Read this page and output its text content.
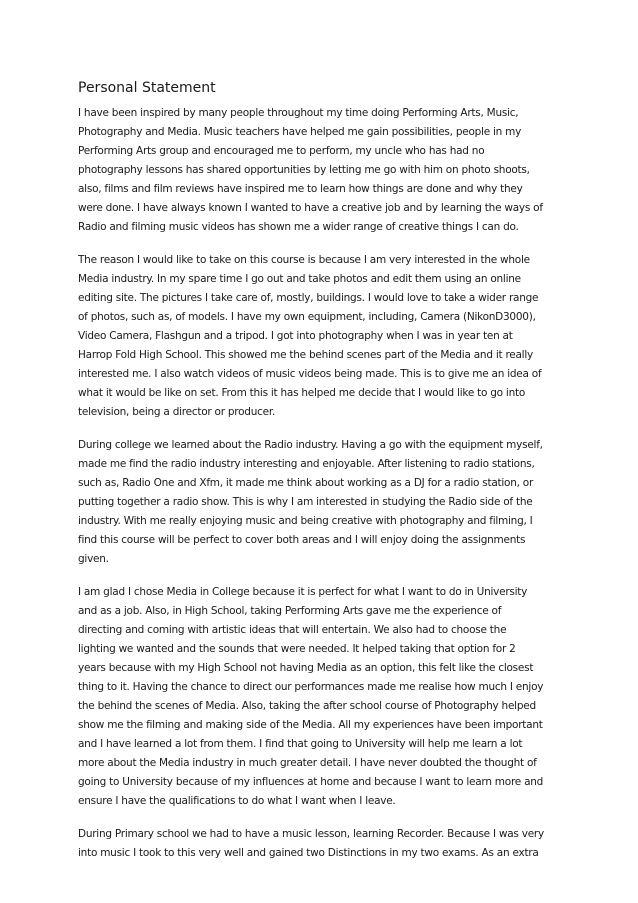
Personal Statement
I have been inspired by many people throughout my time doing Performing Arts, Music,
Photography and Media. Music teachers have helped me gain possibilities, people in my
Performing Arts group and encouraged me to perform, my uncle who has had no
photography lessons has shared opportunities by letting me go with him on photo shoots,
also, films and film reviews have inspired me to learn how things are done and why they
were done. I have always known I wanted to have a creative job and by learning the ways of
Radio and filming music videos has shown me a wider range of creative things I can do.
The reason I would like to take on this course is because I am very interested in the whole
Media industry. In my spare time I go out and take photos and edit them using an online
editing site. The pictures I take care of, mostly, buildings. I would love to take a wider range
of photos, such as, of models. I have my own equipment, including, Camera (NikonD3000),
Video Camera, Flashgun and a tripod. I got into photography when I was in year ten at
Harrop Fold High School. This showed me the behind scenes part of the Media and it really
interested me. I also watch videos of music videos being made. This is to give me an idea of
what it would be like on set. From this it has helped me decide that I would like to go into
television, being a director or producer.
During college we learned about the Radio industry. Having a go with the equipment myself,
made me find the radio industry interesting and enjoyable. After listening to radio stations,
such as, Radio One and Xfm, it made me think about working as a DJ for a radio station, or
putting together a radio show. This is why I am interested in studying the Radio side of the
industry. With me really enjoying music and being creative with photography and filming, I
find this course will be perfect to cover both areas and I will enjoy doing the assignments
given.
I am glad I chose Media in College because it is perfect for what I want to do in University
and as a job. Also, in High School, taking Performing Arts gave me the experience of
directing and coming with artistic ideas that will entertain. We also had to choose the
lighting we wanted and the sounds that were needed. It helped taking that option for 2
years because with my High School not having Media as an option, this felt like the closest
thing to it. Having the chance to direct our performances made me realise how much I enjoy
the behind the scenes of Media. Also, taking the after school course of Photography helped
show me the filming and making side of the Media. All my experiences have been important
and I have learned a lot from them. I find that going to University will help me learn a lot
more about the Media industry in much greater detail. I have never doubted the thought of
going to University because of my influences at home and because I want to learn more and
ensure I have the qualifications to do what I want when I leave.
During Primary school we had to have a music lesson, learning Recorder. Because I was very
into music I took to this very well and gained two Distinctions in my two exams. As an extra
